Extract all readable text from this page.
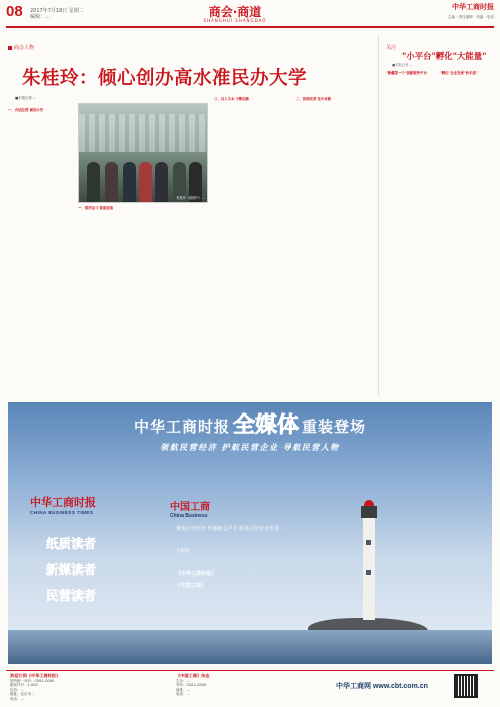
08 2017年7月18日 星期二
编辑：…	商会·商道
SHANGHUI SHANGDAO
中华工商时报
主编 · 责任编辑 · 美编 · 电话
商会人物
朱桂玲：倾心创办高水准民办大学

■本报记者 …

一、合法经营 诚信办学

朱桂玲（前排中）…

一、艰苦奋斗 锐意进取

三、以人为本 不断创新	二、持续改革 变中求新

关注
"小平台"孵化"大能量"
■本报记者 …

"新疆第一个"创新服务平台	"孵化"企业发展"快车道"

中华工商时报 全媒体 重装登场
领航民营经济 护航民营企业 导航民营人物
中华工商时报
CHINA BUSINESS TIMES
纸质读者
新媒读者
民营读者
中国工商
China Business
聚焦民营经济 传播商会声音 服务民营企业发展 …
全媒体
…
《中华工商时报》
《中国工商》
欢迎订阅《中华工商时报》
国内统一刊号：CN11-0000
邮发代号：1-000
定价：…
地址：北京市…
电话：…
《中国工商》杂志
主办：…
刊号：CN11-0000
地址：…
电话：…
中华工商网 www.cbt.com.cn
